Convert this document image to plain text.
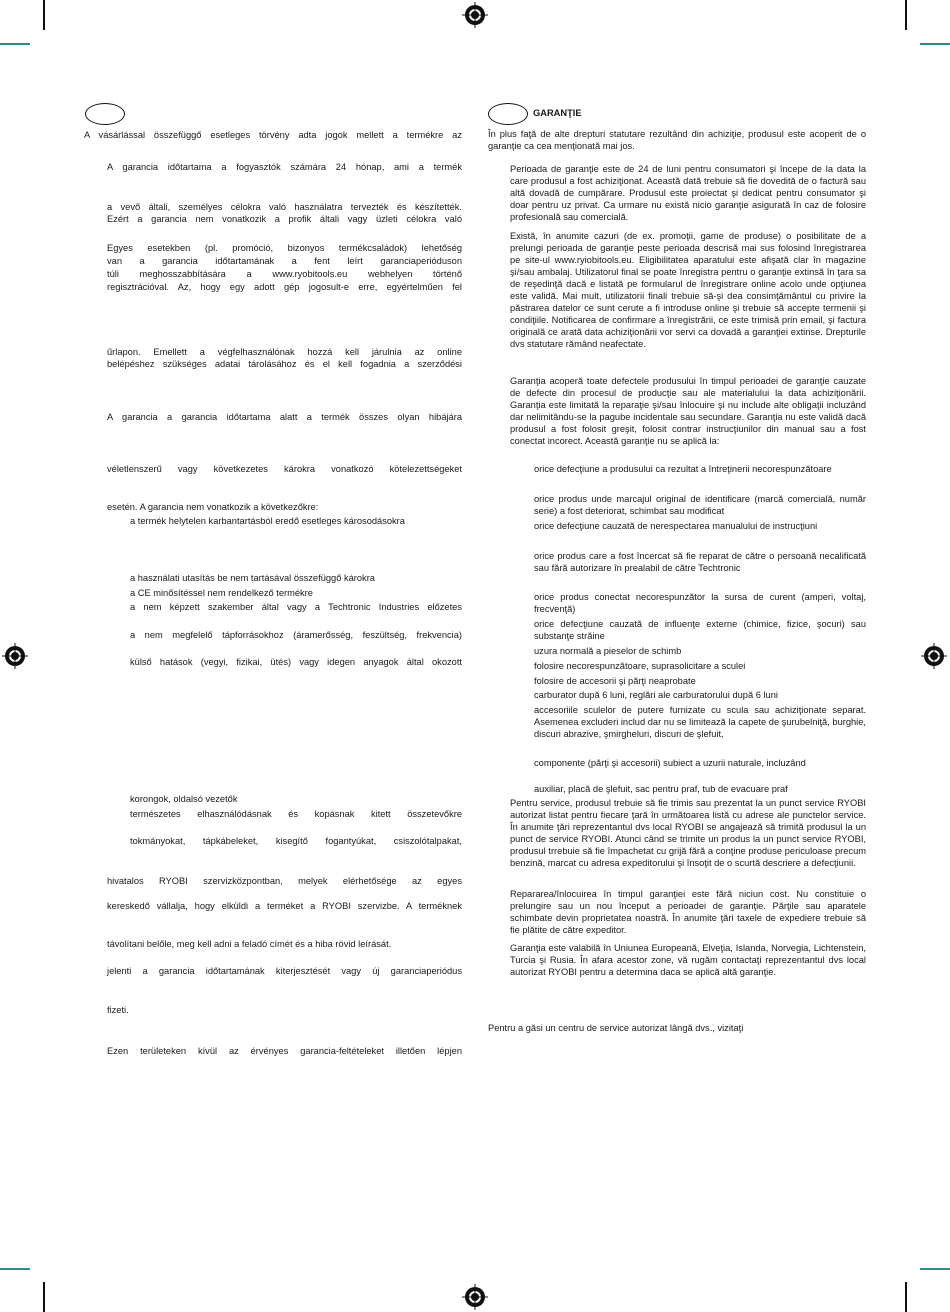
A vásárlással összefüggő esetleges törvény adta jogok mellett a termékre az
A garancia időtartama a fogyasztók számára 24 hónap, ami a termék
a vevő általi, személyes célokra való használatra tervezték és készítették.
Ezért a garancia nem vonatkozik a profik általi vagy üzleti célokra való
Egyes esetekben (pl. promóció, bizonyos termékcsaládok) lehetőség
van a garancia időtartamának a fent leírt garanciaperióduson
túli meghosszabbítására a www.ryobitools.eu webhelyen történő
regisztrációval. Az, hogy egy adott gép jogosult-e erre, egyértelműen fel
űrlapon. Emellett a végfelhasználónak hozzá kell járulnia az online
belépéshez szükséges adatai tárolásához és el kell fogadnia a szerződési
A garancia a garancia időtartama alatt a termék összes olyan hibájára
véletlenszerű vagy következetes károkra vonatkozó kötelezettségeket
esetén. A garancia nem vonatkozik a következőkre:
a termék helytelen karbantartásból eredő esetleges károsodásokra
a használati utasítás be nem tartásával összefüggő károkra
a CE minősítéssel nem rendelkező termékre
a nem képzett szakember által vagy a Techtronic Industries előzetes
a nem megfelelő tápforrásokhoz (áramerősség, feszültség, frekvencia)
külső hatások (vegyi, fizikai, ütés) vagy idegen anyagok által okozott
korongok, oldalsó vezetők
természetes elhasználódásnak és kopásnak kitett összetevőkre
tokmányokat, tápkábeleket, kisegítő fogantyúkat, csiszolótalpakat,
hivatalos RYOBI szervizközpontban, melyek elérhetősége az egyes
kereskedő vállalja, hogy elküldi a terméket a RYOBI szervizbe. A terméknek
távolítani belőle, meg kell adni a feladó címét és a hiba rövid leírását.
jelenti a garancia időtartamának kiterjesztését vagy új garanciaperiódus
fizeti.
Ezen területeken kívül az érvényes garancia-feltételeket illetően lépjen
GARANŢIE

În plus faţă de alte drepturi statutare rezultând din achiziţie, produsul este acoperit de o garanţie ca cea menţionată mai jos.

Perioada de garanţie este de 24 de luni pentru consumatori şi începe de la data la care produsul a fost achiziţionat. Această dată trebuie să fie dovedită de o factură sau altă dovadă de cumpărare. Produsul este proiectat şi dedicat pentru consumator şi doar pentru uz privat. Ca urmare nu există nicio garanţie asigurată în caz de folosire profesională sau comercială.

Există, în anumite cazuri (de ex. promoţii, game de produse) o posibilitate de a prelungi perioada de garanţie peste perioada descrisă mai sus folosind înregistrarea pe site-ul www.ryiobitools.eu. Eligibilitatea aparatului este afişată clar în magazine şi/sau ambalaj. Utilizatorul final se poate înregistra pentru o garanţie extinsă în ţara sa de reşedinţă dacă e listată pe formularul de înregistrare online acolo unde opţiunea este validă. Mai mult, utilizatorii finali trebuie să-şi dea consimţământul cu privire la păstrarea datelor ce sunt cerute a fi introduse online şi trebuie să accepte termenii şi condiţiile. Notificarea de confirmare a înregistrării, ce este trimisă prin email, şi factura originală ce arată data achiziţionării vor servi ca dovadă a garanţiei extinse. Drepturile dvs statutare rămând neafectate.

Garanţia acoperă toate defectele produsului în timpul perioadei de garanţie cauzate de defecte din procesul de producţie sau ale materialului la data achiziţionării. Garanţia este limitată la reparaţie şi/sau înlocuire şi nu include alte obligaţii incluzând dar nelimitându-se la pagube incidentale sau secundare. Garanţia nu este validă dacă produsul a fost folosit greşit, folosit contrar instrucţiunilor din manual sau a fost conectat incorect. Această garanţie nu se aplică la:

orice defecţiune a produsului ca rezultat a întreţinerii necorespunzătoare

orice produs unde marcajul original de identificare (marcă comercială, număr serie) a fost deteriorat, schimbat sau modificat

orice defecţiune cauzată de nerespectarea manualului de instrucţiuni

orice produs care a fost încercat să fie reparat de către o persoană necalificată sau fără autorizare în prealabil de către Techtronic

orice produs conectat necorespunzător la sursa de curent (amperi, voltaj, frecvenţă)

orice defecţiune cauzată de influenţe externe (chimice, fizice, şocuri) sau substanţe străine

uzura normală a pieselor de schimb

folosire necorespunzătoare, suprasolicitare a sculei

folosire de accesorii şi părţi neaprobate

carburator după 6 luni, reglări ale carburatorului după 6 luni

accesoriile sculelor de putere furnizate cu scula sau achiziţionate separat. Asemenea excluderi includ dar nu se limitează la capete de şurubelniţă, burghie, discuri abrazive, şmirgheluri, discuri de şlefuit,

componente (părţi şi accesorii) subiect a uzurii naturale, incluzând

auxiliar, placă de şlefuit, sac pentru praf, tub de evacuare praf

Pentru service, produsul trebuie să fie trimis sau prezentat la un punct service RYOBI autorizat listat pentru fiecare ţară în următoarea listă cu adrese ale punctelor service. În anumite ţări reprezentantul dvs local RYOBI se angajează să trimită produsul la un punct de service RYOBI. Atunci când se trimite un produs la un punct service RYOBI, produsul trrebuie să fie împachetat cu grijă fără a conţine produse periculoase precum benzină, marcat cu adresa expeditorului şi însoţit de o scurtă descriere a defecţiunii.

Repararea/înlocuirea în timpul garanţiei este fără niciun cost. Nu constituie o prelungire sau un nou început a perioadei de garanţie. Părţile sau aparatele schimbate devin proprietatea noastră. În anumite ţări taxele de expediere trebuie să fie plătite de către expeditor.

Garanţia este valabilă în Uniunea Europeană, Elveţia, Islanda, Norvegia, Lichtenstein, Turcia şi Rusia. În afara acestor zone, vă rugăm contactaţi reprezentantul dvs local autorizat RYOBI pentru a determina daca se aplică altă garanţie.

Pentru a găsi un centru de service autorizat lângă dvs., vizitaţi
